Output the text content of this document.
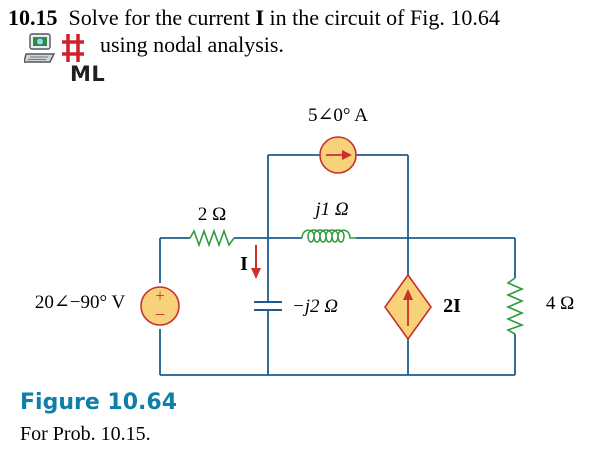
10.15 Solve for the current I in the circuit of Fig. 10.64
using nodal analysis.
ML
5∠0° A
2 Ω	j1 Ω
I
−j2 Ω
+
−
20∠−90° V	2I	4 Ω
Figure 10.64
For Prob. 10.15.
